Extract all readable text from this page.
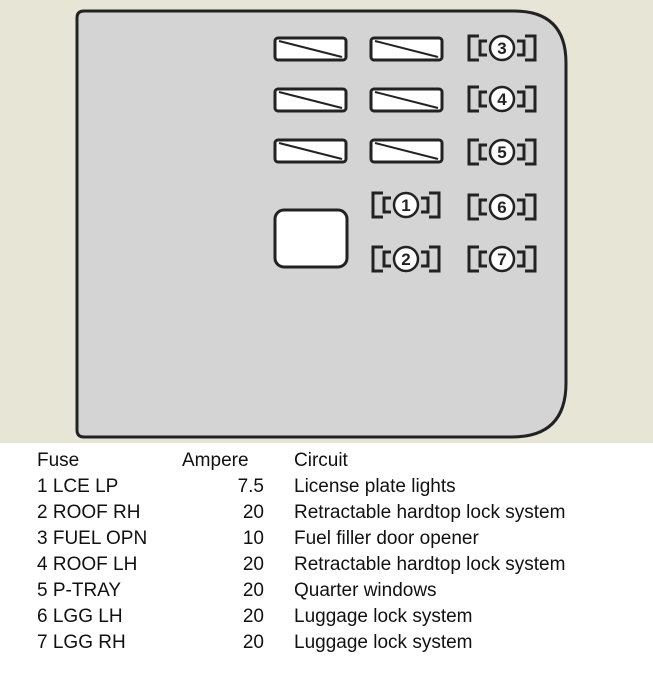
3
4
5
1	6
2	7
Fuse	Ampere	Circuit
1 LCE LP	7.5	License plate lights
2 ROOF RH	20	Retractable hardtop lock system
3 FUEL OPN	10	Fuel filler door opener
4 ROOF LH	20	Retractable hardtop lock system
5 P-TRAY	20	Quarter windows
6 LGG LH	20	Luggage lock system
7 LGG RH	20	Luggage lock system
